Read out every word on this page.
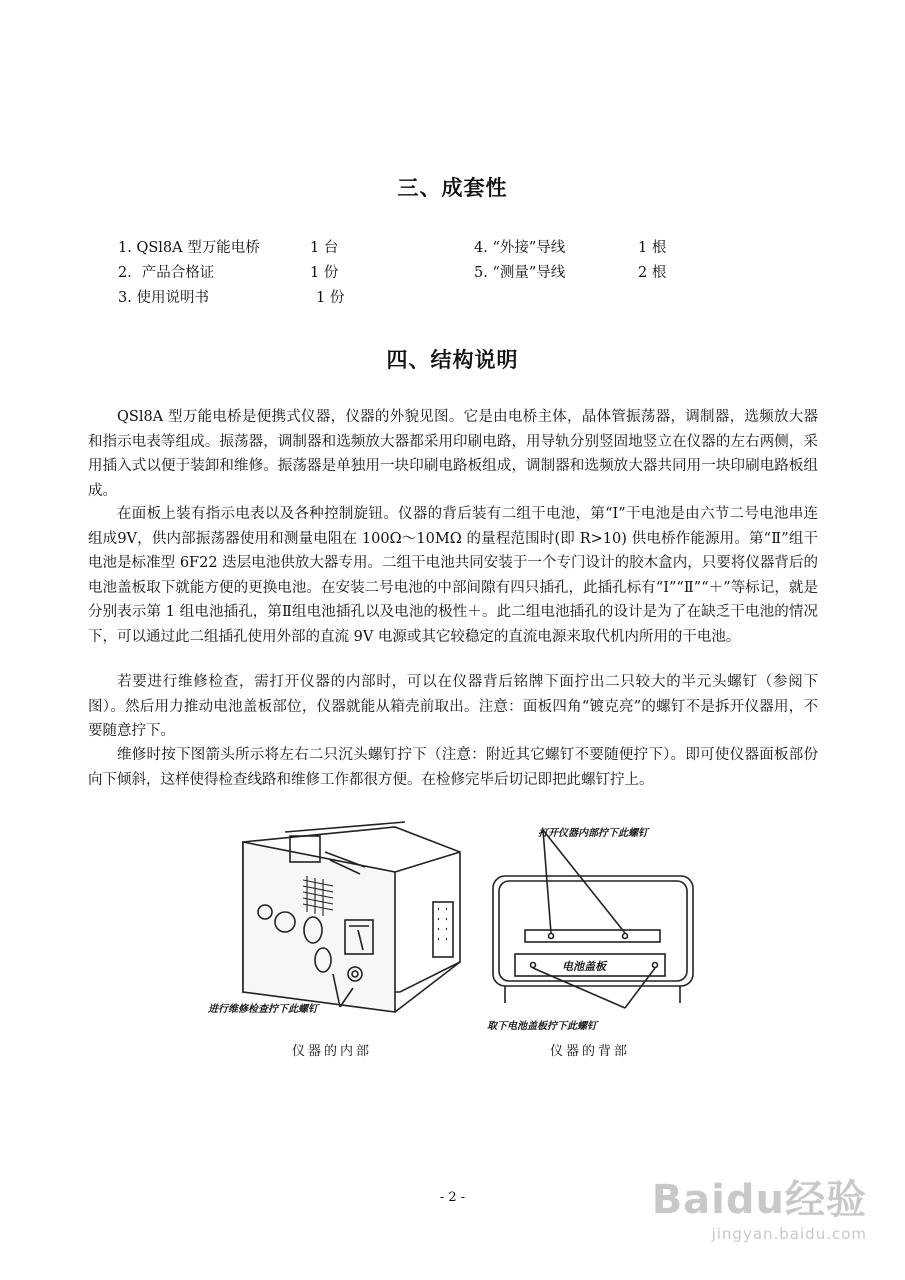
三、成套性
1. QSl8A 型万能电桥	1 台
2．产品合格证	1 份
3. 使用说明书	1 份
4. “外接”导线	1 根
5. “测量”导线	2 根
四、结构说明

QSl8A 型万能电桥是便携式仪器，仪器的外貌见图。它是由电桥主体，晶体管振荡器，调制器，选频放大器和指示电表等组成。振荡器，调制器和选频放大器都采用印刷电路，用导轨分别竖固地竖立在仪器的左右两侧，采用插入式以便于装卸和维修。振荡器是单独用一块印刷电路板组成，调制器和选频放大器共同用一块印刷电路板组成。

在面板上装有指示电表以及各种控制旋钮。仪器的背后装有二组干电池，第“I”干电池是由六节二号电池串连组成9V，供内部振荡器使用和测量电阻在 100Ω～10MΩ 的量程范围时(即 R>10) 供电桥作能源用。第“Ⅱ”组干电池是标准型 6F22 迭层电池供放大器专用。二组干电池共同安装于一个专门设计的胶木盒内，只要将仪器背后的电池盖板取下就能方便的更换电池。在安装二号电池的中部间隙有四只插孔，此插孔标有“I”“Ⅱ”“＋”等标记，就是分别表示第 1 组电池插孔，第Ⅱ组电池插孔以及电池的极性＋。此二组电池插孔的设计是为了在缺乏干电池的情况下，可以通过此二组插孔使用外部的直流 9V 电源或其它较稳定的直流电源来取代机内所用的干电池。

若要进行维修检查，需打开仪器的内部时，可以在仪器背后铭牌下面拧出二只较大的半元头螺钉（参阅下图）。然后用力推动电池盖板部位，仪器就能从箱壳前取出。注意：面板四角“镀克亮”的螺钉不是拆开仪器用，不要随意拧下。

维修时按下图箭头所示将左右二只沉头螺钉拧下（注意：附近其它螺钉不要随便拧下）。即可使仪器面板部份向下倾斜，这样使得检查线路和维修工作都很方便。在检修完毕后切记即把此螺钉拧上。

进行维修检查拧下此螺钉
仪器的内部
打开仪器内部拧下此螺钉
电池盖板
取下电池盖板拧下此螺钉
仪器的背部
- 2 -	Baidu经验
jingyan.baidu.com
